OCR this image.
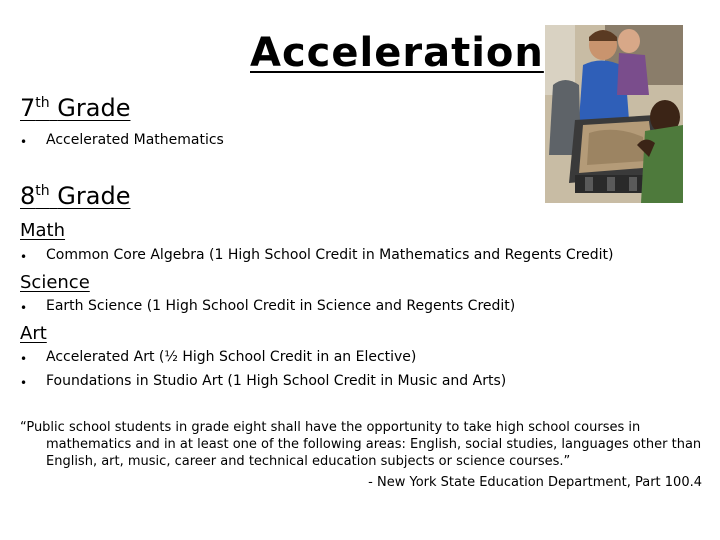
Acceleration
7th Grade
• Accelerated Mathematics
8th Grade
Math
• Common Core Algebra (1 High School Credit in Mathematics and Regents Credit)
Science
• Earth Science (1 High School Credit in Science and Regents Credit)
Art
• Accelerated Art (½ High School Credit in an Elective)
• Foundations in Studio Art (1 High School Credit in Music and Arts)
“Public school students in grade eight shall have the opportunity to take high school courses in mathematics and in at least one of the following areas: English, social studies, languages other than English, art, music, career and technical education subjects or science courses.”
- New York State Education Department, Part 100.4
